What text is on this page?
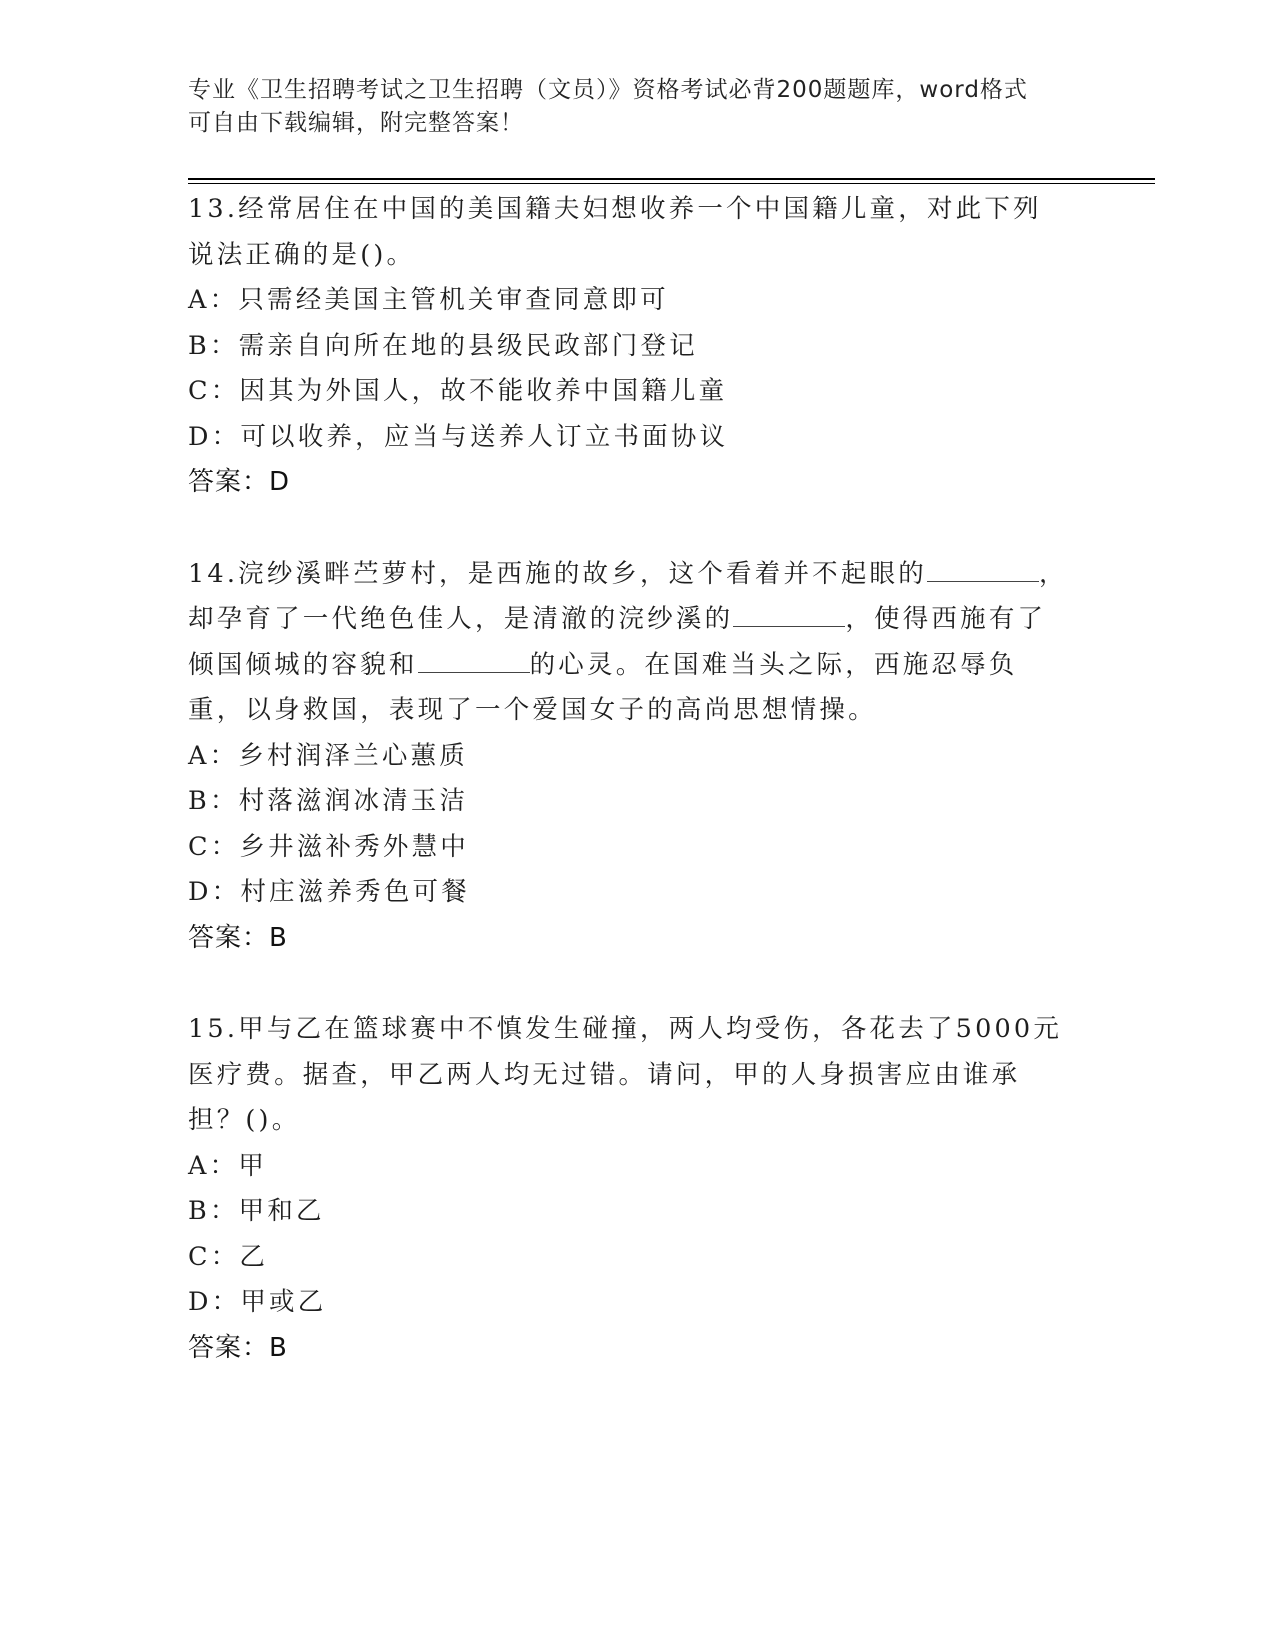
专业《卫生招聘考试之卫生招聘（文员）》资格考试必背200题题库，word格式
可自由下载编辑，附完整答案！
13.经常居住在中国的美国籍夫妇想收养一个中国籍儿童，对此下列说法正确的是()。
A：只需经美国主管机关审查同意即可
B：需亲自向所在地的县级民政部门登记
C：因其为外国人，故不能收养中国籍儿童
D：可以收养，应当与送养人订立书面协议
答案：D
14.浣纱溪畔苎萝村，是西施的故乡，这个看着并不起眼的	，却孕育了一代绝色佳人，是清澈的浣纱溪的	，使得西施有了倾国倾城的容貌和	的心灵。在国难当头之际，西施忍辱负重，以身救国，表现了一个爱国女子的高尚思想情操。
A：乡村润泽兰心蕙质
B：村落滋润冰清玉洁
C：乡井滋补秀外慧中
D：村庄滋养秀色可餐
答案：B
15.甲与乙在篮球赛中不慎发生碰撞，两人均受伤，各花去了5000元医疗费。据查，甲乙两人均无过错。请问，甲的人身损害应由谁承担？()。
A：甲
B：甲和乙
C：乙
D：甲或乙
答案：B
